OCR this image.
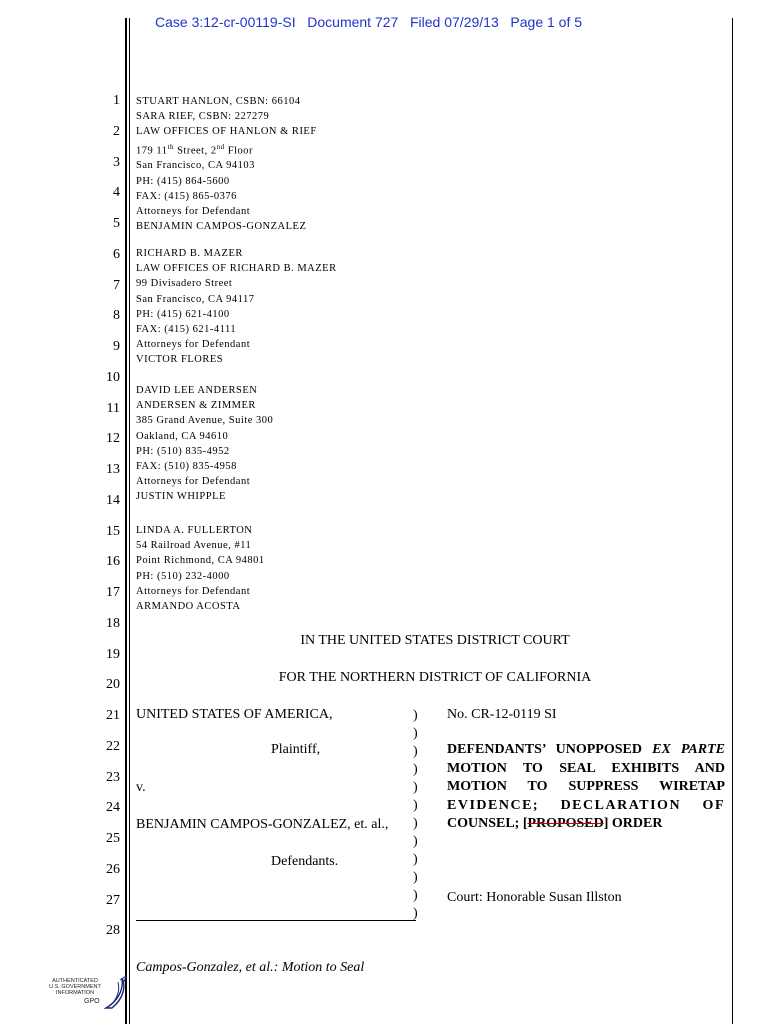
Case 3:12-cr-00119-SI Document 727 Filed 07/29/13 Page 1 of 5
1
2
3
4
5
6
7
8
9
10
11
12
13
14
15
16
17
18
19
20
21
22
23
24
25
26
27
28
STUART HANLON, CSBN: 66104
SARA RIEF, CSBN: 227279
LAW OFFICES OF HANLON & RIEF
179 11th Street, 2nd Floor
San Francisco, CA 94103
PH: (415) 864-5600
FAX: (415) 865-0376
Attorneys for Defendant
BENJAMIN CAMPOS-GONZALEZ
RICHARD B. MAZER
LAW OFFICES OF RICHARD B. MAZER
99 Divisadero Street
San Francisco, CA 94117
PH: (415) 621-4100
FAX: (415) 621-4111
Attorneys for Defendant
VICTOR FLORES
DAVID LEE ANDERSEN
ANDERSEN & ZIMMER
385 Grand Avenue, Suite 300
Oakland, CA 94610
PH: (510) 835-4952
FAX: (510) 835-4958
Attorneys for Defendant
JUSTIN WHIPPLE
LINDA A. FULLERTON
54 Railroad Avenue, #11
Point Richmond, CA 94801
PH: (510) 232-4000
Attorneys for Defendant
ARMANDO ACOSTA
IN THE UNITED STATES DISTRICT COURT
FOR THE NORTHERN DISTRICT OF CALIFORNIA
UNITED STATES OF AMERICA,
Plaintiff,
v.
BENJAMIN CAMPOS-GONZALEZ, et. al.,
Defendants.
)
)
)
)
)
)
)
)
)
)
)
)
No. CR-12-0119 SI
DEFENDANTS’ UNOPPOSED EX PARTE
MOTION TO SEAL EXHIBITS AND
MOTION TO SUPPRESS WIRETAP
EVIDENCE; DECLARATION OF
COUNSEL; [PROPOSED] ORDER
Court: Honorable Susan Illston
Campos-Gonzalez, et al.: Motion to Seal
AUTHENTICATED
U.S. GOVERNMENT
INFORMATION
GPO
